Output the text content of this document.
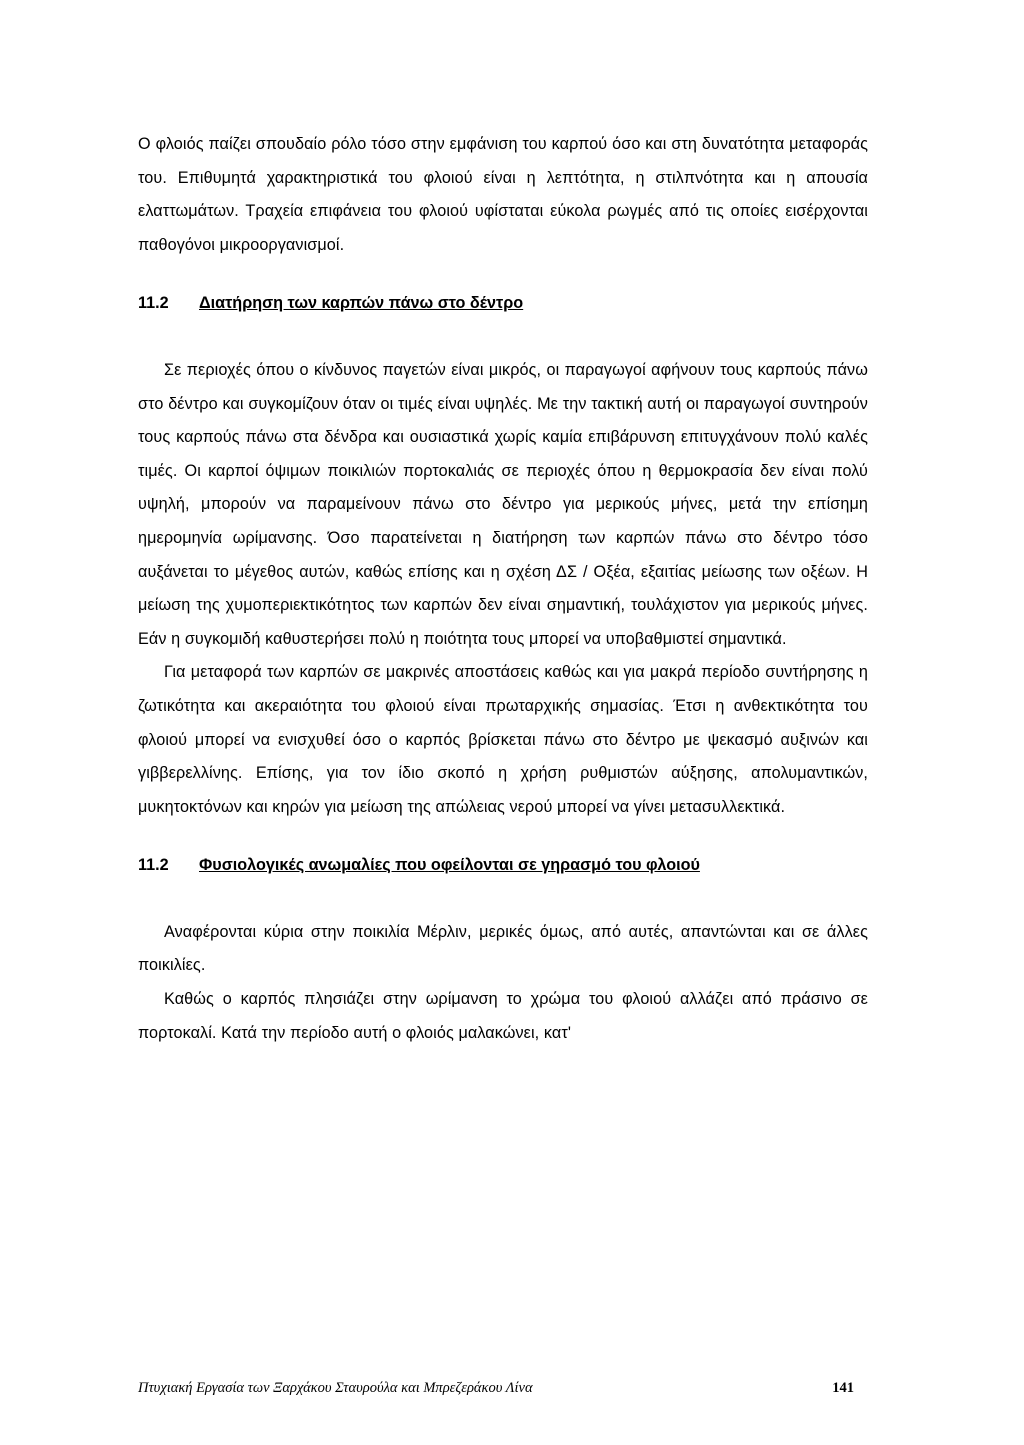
Ο φλοιός παίζει σπουδαίο ρόλο τόσο στην εμφάνιση του καρπού όσο και στη δυνατότητα μεταφοράς του. Επιθυμητά χαρακτηριστικά του φλοιού είναι η λεπτότητα, η στιλπνότητα και η απουσία ελαττωμάτων. Τραχεία επιφάνεια του φλοιού υφίσταται εύκολα ρωγμές από τις οποίες εισέρχονται παθογόνοι μικροοργανισμοί.

11.2 Διατήρηση των καρπών πάνω στο δέντρο

Σε περιοχές όπου ο κίνδυνος παγετών είναι μικρός, οι παραγωγοί αφήνουν τους καρπούς πάνω στο δέντρο και συγκομίζουν όταν οι τιμές είναι υψηλές. Με την τακτική αυτή οι παραγωγοί συντηρούν τους καρπούς πάνω στα δένδρα και ουσιαστικά χωρίς καμία επιβάρυνση επιτυγχάνουν πολύ καλές τιμές. Οι καρποί όψιμων ποικιλιών πορτοκαλιάς σε περιοχές όπου η θερμοκρασία δεν είναι πολύ υψηλή, μπορούν να παραμείνουν πάνω στο δέντρο για μερικούς μήνες, μετά την επίσημη ημερομηνία ωρίμανσης. Όσο παρατείνεται η διατήρηση των καρπών πάνω στο δέντρο τόσο αυξάνεται το μέγεθος αυτών, καθώς επίσης και η σχέση ΔΣ / Οξέα, εξαιτίας μείωσης των οξέων. Η μείωση της χυμοπεριεκτικότητος των καρπών δεν είναι σημαντική, τουλάχιστον για μερικούς μήνες. Εάν η συγκομιδή καθυστερήσει πολύ η ποιότητα τους μπορεί να υποβαθμιστεί σημαντικά.

Για μεταφορά των καρπών σε μακρινές αποστάσεις καθώς και για μακρά περίοδο συντήρησης η ζωτικότητα και ακεραιότητα του φλοιού είναι πρωταρχικής σημασίας. Έτσι η ανθεκτικότητα του φλοιού μπορεί να ενισχυθεί όσο ο καρπός βρίσκεται πάνω στο δέντρο με ψεκασμό αυξινών και γιββερελλίνης. Επίσης, για τον ίδιο σκοπό η χρήση ρυθμιστών αύξησης, απολυμαντικών, μυκητοκτόνων και κηρών για μείωση της απώλειας νερού μπορεί να γίνει μετασυλλεκτικά.

11.2 Φυσιολογικές ανωμαλίες που οφείλονται σε γηρασμό του φλοιού

Αναφέρονται κύρια στην ποικιλία Μέρλιν, μερικές όμως, από αυτές, απαντώνται και σε άλλες ποικιλίες.

Καθώς ο καρπός πλησιάζει στην ωρίμανση το χρώμα του φλοιού αλλάζει από πράσινο σε πορτοκαλί. Κατά την περίοδο αυτή ο φλοιός μαλακώνει, κατ'

Πτυχιακή Εργασία των Ξαρχάκου Σταυρούλα και Μπρεζεράκου Λίνα	141
